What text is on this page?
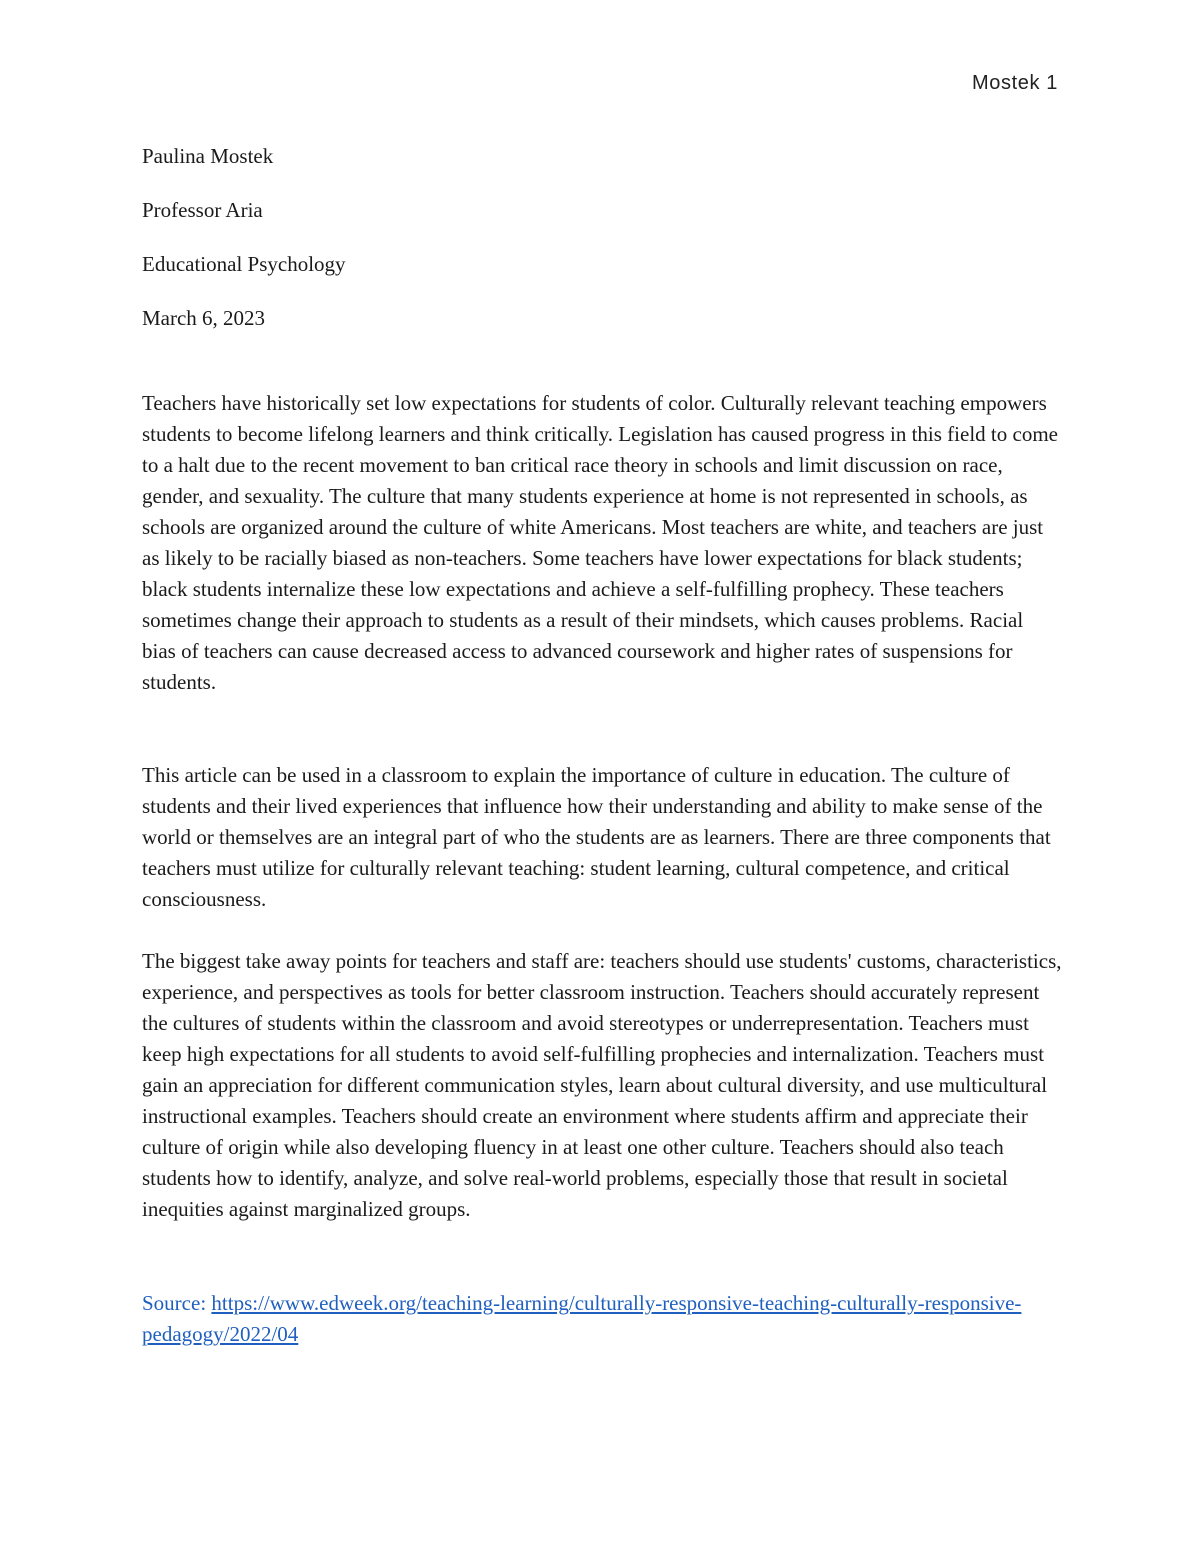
Mostek 1

Paulina Mostek

Professor Aria

Educational Psychology

March 6, 2023

Teachers have historically set low expectations for students of color. Culturally relevant teaching empowers students to become lifelong learners and think critically. Legislation has caused progress in this field to come to a halt due to the recent movement to ban critical race theory in schools and limit discussion on race, gender, and sexuality. The culture that many students experience at home is not represented in schools, as schools are organized around the culture of white Americans. Most teachers are white, and teachers are just as likely to be racially biased as non-teachers. Some teachers have lower expectations for black students; black students internalize these low expectations and achieve a self-fulfilling prophecy. These teachers sometimes change their approach to students as a result of their mindsets, which causes problems. Racial bias of teachers can cause decreased access to advanced coursework and higher rates of suspensions for students.

This article can be used in a classroom to explain the importance of culture in education. The culture of students and their lived experiences that influence how their understanding and ability to make sense of the world or themselves are an integral part of who the students are as learners. There are three components that teachers must utilize for culturally relevant teaching: student learning, cultural competence, and critical consciousness.

The biggest take away points for teachers and staff are: teachers should use students' customs, characteristics, experience, and perspectives as tools for better classroom instruction. Teachers should accurately represent the cultures of students within the classroom and avoid stereotypes or underrepresentation. Teachers must keep high expectations for all students to avoid self-fulfilling prophecies and internalization. Teachers must gain an appreciation for different communication styles, learn about cultural diversity, and use multicultural instructional examples. Teachers should create an environment where students affirm and appreciate their culture of origin while also developing fluency in at least one other culture. Teachers should also teach students how to identify, analyze, and solve real-world problems, especially those that result in societal inequities against marginalized groups.

Source: https://www.edweek.org/teaching-learning/culturally-responsive-teaching-culturally-responsive-pedagogy/2022/04
